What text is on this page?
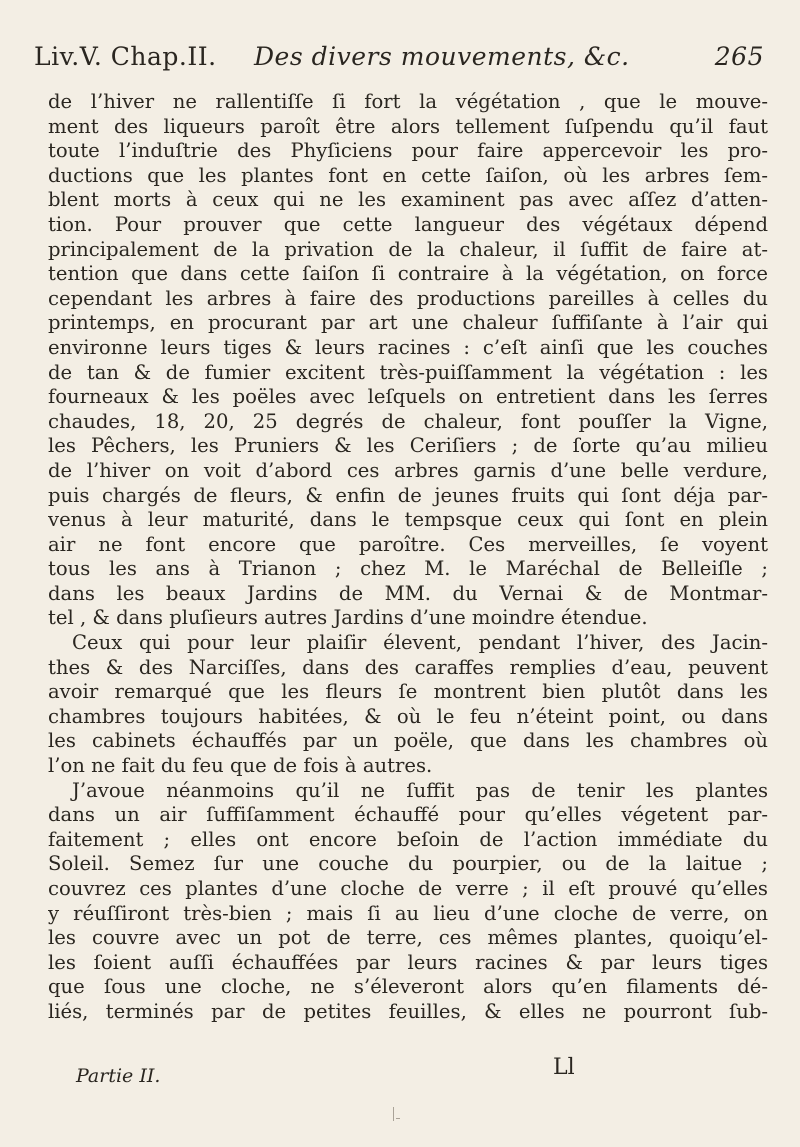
Liv.V. Chap.II. Des divers mouvements, &c.	265
de l’hiver ne rallentiſſe ſi fort la végétation , que le mouve-
ment des liqueurs paroît être alors tellement ſuſpendu qu’il faut
toute l’induſtrie des Phyſiciens pour faire appercevoir les pro-
ductions que les plantes font en cette ſaiſon, où les arbres ſem-
blent morts à ceux qui ne les examinent pas avec aſſez d’atten-
tion. Pour prouver que cette langueur des végétaux dépend
principalement de la privation de la chaleur, il ſuffit de faire at-
tention que dans cette ſaiſon ſi contraire à la végétation, on force
cependant les arbres à faire des productions pareilles à celles du
printemps, en procurant par art une chaleur ſuffiſante à l’air qui
environne leurs tiges & leurs racines : c’eſt ainſi que les couches
de tan & de fumier excitent très-puiſſamment la végétation : les
fourneaux & les poëles avec leſquels on entretient dans les ſerres
chaudes, 18, 20, 25 degrés de chaleur, font pouſſer la Vigne,
les Pêchers, les Pruniers & les Ceriſiers ; de ſorte qu’au milieu
de l’hiver on voit d’abord ces arbres garnis d’une belle verdure,
puis chargés de fleurs, & enfin de jeunes fruits qui ſont déja par-
venus à leur maturité, dans le tempsque ceux qui ſont en plein
air ne font encore que paroître. Ces merveilles, ſe voyent
tous les ans à Trianon ; chez M. le Maréchal de Belleiſle ;
dans les beaux Jardins de MM. du Vernai & de Montmar-
tel , & dans pluſieurs autres Jardins d’une moindre étendue.
Ceux qui pour leur plaiſir élevent, pendant l’hiver, des Jacin-
thes & des Narciſſes, dans des caraffes remplies d’eau, peuvent
avoir remarqué que les fleurs ſe montrent bien plutôt dans les
chambres toujours habitées, & où le feu n’éteint point, ou dans
les cabinets échauffés par un poële, que dans les chambres où
l’on ne fait du feu que de fois à autres.
J’avoue néanmoins qu’il ne ſuffit pas de tenir les plantes
dans un air ſuffiſamment échauffé pour qu’elles végetent par-
faitement ; elles ont encore beſoin de l’action immédiate du
Soleil. Semez ſur une couche du pourpier, ou de la laitue ;
couvrez ces plantes d’une cloche de verre ; il eſt prouvé qu’elles
y réuſſiront très-bien ; mais ſi au lieu d’une cloche de verre, on
les couvre avec un pot de terre, ces mêmes plantes, quoiqu’el-
les ſoient auſſi échauffées par leurs racines & par leurs tiges
que ſous une cloche, ne s’éleveront alors qu’en filaments dé-
liés, terminés par de petites feuilles, & elles ne pourront ſub-
Partie II.	Ll
